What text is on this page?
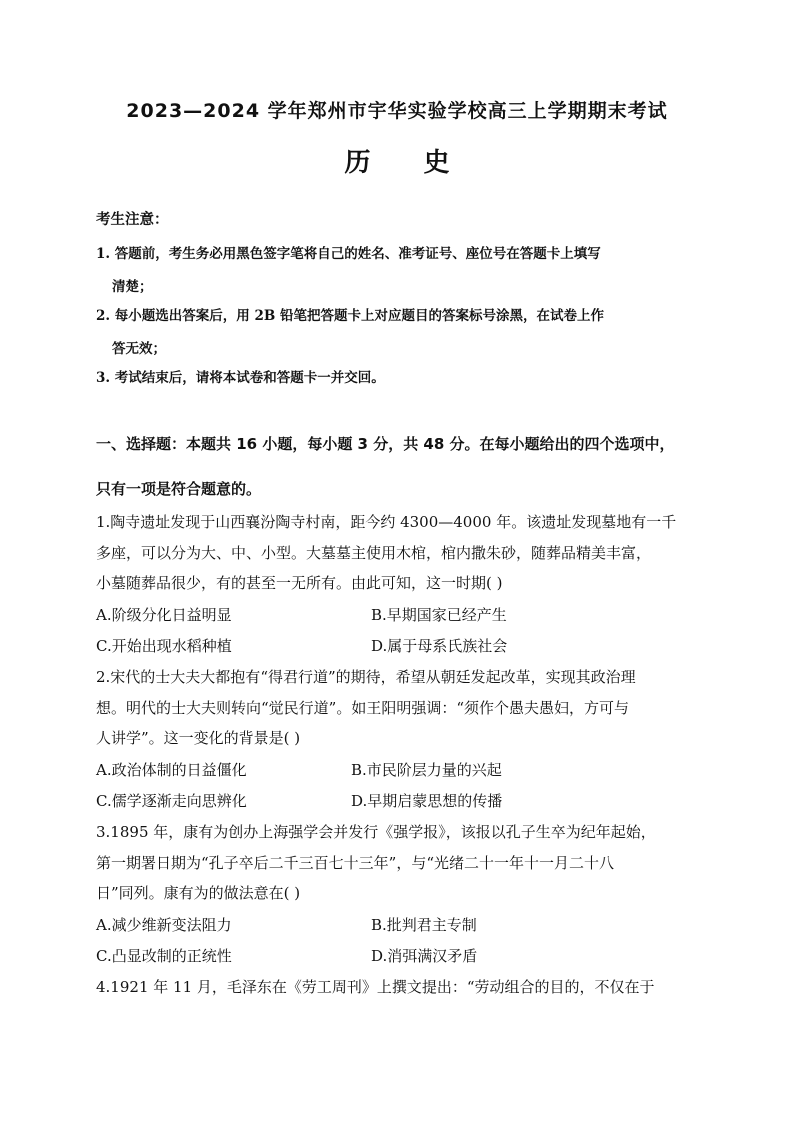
2023—2024 学年郑州市宇华实验学校高三上学期期末考试
历 史
考生注意：
1. 答题前，考生务必用黑色签字笔将自己的姓名、准考证号、座位号在答题卡上填写
清楚；
2. 每小题选出答案后，用 2B 铅笔把答题卡上对应题目的答案标号涂黑，在试卷上作
答无效；
3. 考试结束后，请将本试卷和答题卡一并交回。
一、选择题：本题共 16 小题，每小题 3 分，共 48 分。在每小题给出的四个选项中，
只有一项是符合题意的。
1.陶寺遗址发现于山西襄汾陶寺村南，距今约 4300—4000 年。该遗址发现墓地有一千
多座，可以分为大、中、小型。大墓墓主使用木棺，棺内撒朱砂，随葬品精美丰富，
小墓随葬品很少，有的甚至一无所有。由此可知，这一时期( )
A.阶级分化日益明显	B.早期国家已经产生
C.开始出现水稻种植	D.属于母系氏族社会
2.宋代的士大夫大都抱有“得君行道”的期待，希望从朝廷发起改革，实现其政治理
想。明代的士大夫则转向“觉民行道”。如王阳明强调：“须作个愚夫愚妇，方可与
人讲学”。这一变化的背景是( )
A.政治体制的日益僵化	B.市民阶层力量的兴起
C.儒学逐渐走向思辨化	D.早期启蒙思想的传播
3.1895 年，康有为创办上海强学会并发行《强学报》，该报以孔子生卒为纪年起始，
第一期署日期为“孔子卒后二千三百七十三年”，与“光绪二十一年十一月二十八
日”同列。康有为的做法意在( )
A.减少维新变法阻力	B.批判君主专制
C.凸显改制的正统性	D.消弭满汉矛盾
4.1921 年 11 月，毛泽东在《劳工周刊》上撰文提出：“劳动组合的目的，不仅在于
